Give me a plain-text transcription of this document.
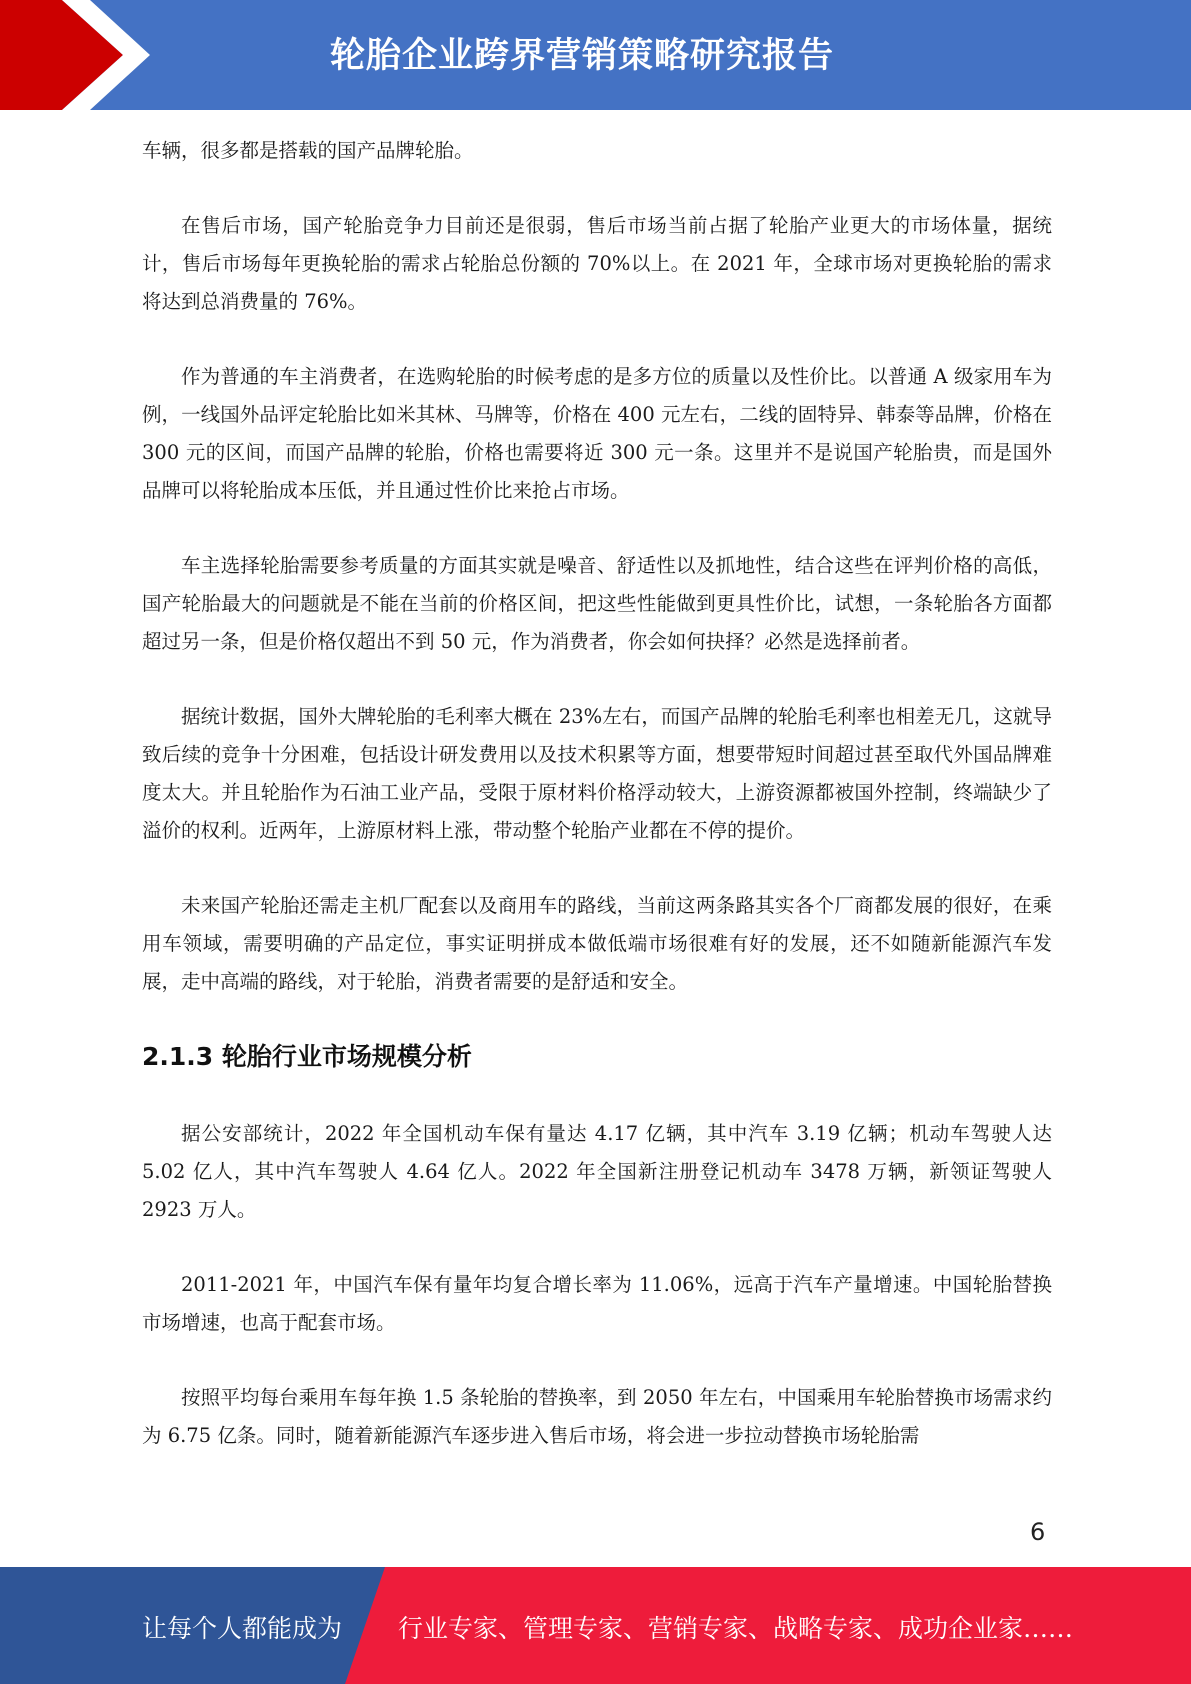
轮胎企业跨界营销策略研究报告

车辆，很多都是搭载的国产品牌轮胎。

在售后市场，国产轮胎竞争力目前还是很弱，售后市场当前占据了轮胎产业更大的市场体量，据统计，售后市场每年更换轮胎的需求占轮胎总份额的 70%以上。在 2021 年，全球市场对更换轮胎的需求将达到总消费量的 76%。

作为普通的车主消费者，在选购轮胎的时候考虑的是多方位的质量以及性价比。以普通 A 级家用车为例，一线国外品评定轮胎比如米其林、马牌等，价格在 400 元左右，二线的固特异、韩泰等品牌，价格在 300 元的区间，而国产品牌的轮胎，价格也需要将近 300 元一条。这里并不是说国产轮胎贵，而是国外品牌可以将轮胎成本压低，并且通过性价比来抢占市场。

车主选择轮胎需要参考质量的方面其实就是噪音、舒适性以及抓地性，结合这些在评判价格的高低，国产轮胎最大的问题就是不能在当前的价格区间，把这些性能做到更具性价比，试想，一条轮胎各方面都超过另一条，但是价格仅超出不到 50 元，作为消费者，你会如何抉择？必然是选择前者。

据统计数据，国外大牌轮胎的毛利率大概在 23%左右，而国产品牌的轮胎毛利率也相差无几，这就导致后续的竞争十分困难，包括设计研发费用以及技术积累等方面，想要带短时间超过甚至取代外国品牌难度太大。并且轮胎作为石油工业产品，受限于原材料价格浮动较大，上游资源都被国外控制，终端缺少了溢价的权利。近两年，上游原材料上涨，带动整个轮胎产业都在不停的提价。

未来国产轮胎还需走主机厂配套以及商用车的路线，当前这两条路其实各个厂商都发展的很好，在乘用车领域，需要明确的产品定位，事实证明拼成本做低端市场很难有好的发展，还不如随新能源汽车发展，走中高端的路线，对于轮胎，消费者需要的是舒适和安全。

2.1.3 轮胎行业市场规模分析

据公安部统计，2022 年全国机动车保有量达 4.17 亿辆，其中汽车 3.19 亿辆；机动车驾驶人达 5.02 亿人，其中汽车驾驶人 4.64 亿人。2022 年全国新注册登记机动车 3478 万辆，新领证驾驶人 2923 万人。

2011-2021 年，中国汽车保有量年均复合增长率为 11.06%，远高于汽车产量增速。中国轮胎替换市场增速，也高于配套市场。

按照平均每台乘用车每年换 1.5 条轮胎的替换率，到 2050 年左右，中国乘用车轮胎替换市场需求约为 6.75 亿条。同时，随着新能源汽车逐步进入售后市场，将会进一步拉动替换市场轮胎需

6
让每个人都能成为 行业专家、管理专家、营销专家、战略专家、成功企业家……
